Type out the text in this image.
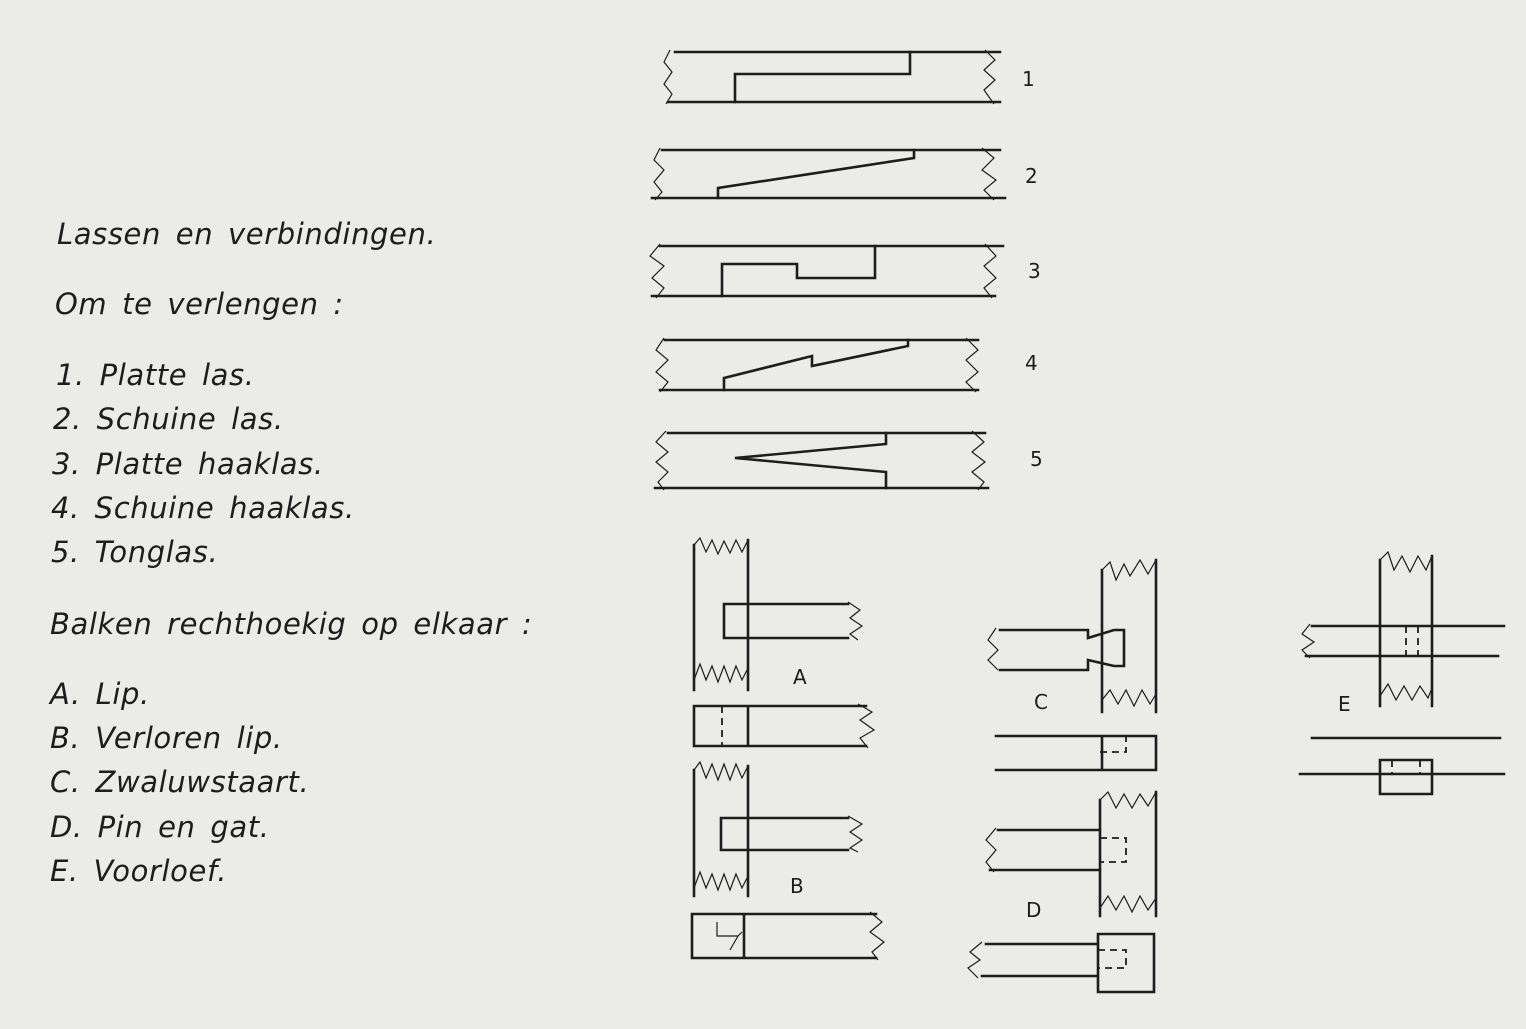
Lassen en verbindingen.

Om te verlengen :

1. Platte las.

2. Schuine las.

3. Platte haaklas.

4. Schuine haaklas.

5. Tonglas.

Balken rechthoekig op elkaar :

A. Lip.

B. Verloren lip.

C. Zwaluwstaart.

D. Pin en gat.

E. Voorloef.

1
2
3
4
5
A
B
C
D
E
